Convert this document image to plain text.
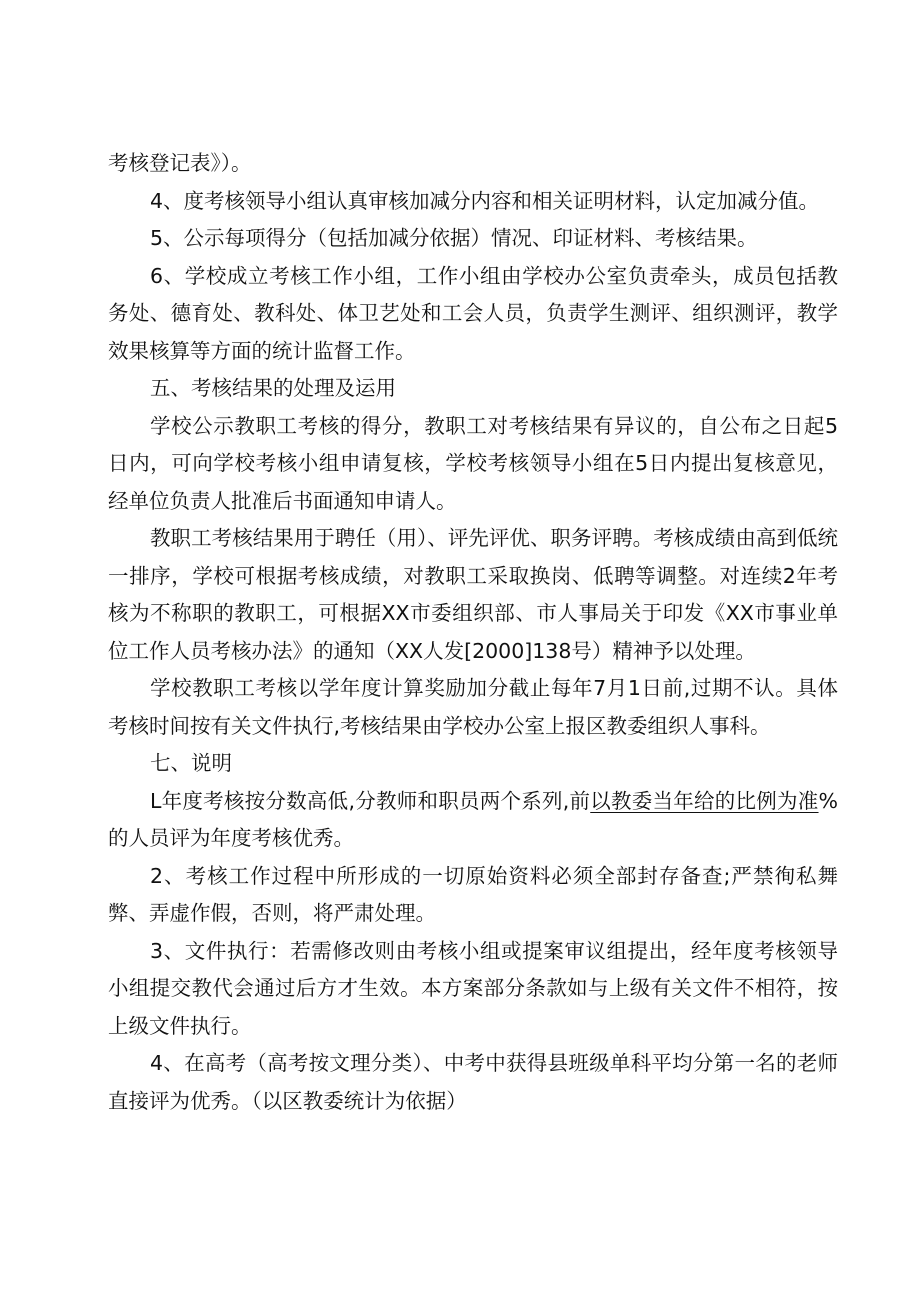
考核登记表》）。

4、度考核领导小组认真审核加减分内容和相关证明材料，认定加减分值。

5、公示每项得分（包括加减分依据）情况、印证材料、考核结果。

6、学校成立考核工作小组，工作小组由学校办公室负责牵头，成员包括教务处、德育处、教科处、体卫艺处和工会人员，负责学生测评、组织测评，教学效果核算等方面的统计监督工作。

五、考核结果的处理及运用

学校公示教职工考核的得分，教职工对考核结果有异议的，自公布之日起5日内，可向学校考核小组申请复核，学校考核领导小组在5日内提出复核意见，经单位负责人批准后书面通知申请人。

教职工考核结果用于聘任（用）、评先评优、职务评聘。考核成绩由高到低统一排序，学校可根据考核成绩，对教职工采取换岗、低聘等调整。对连续2年考核为不称职的教职工，可根据XX市委组织部、市人事局关于印发《XX市事业单位工作人员考核办法》的通知（XX人发[2000]138号）精神予以处理。

学校教职工考核以学年度计算奖励加分截止每年7月1日前,过期不认。具体考核时间按有关文件执行,考核结果由学校办公室上报区教委组织人事科。

七、说明

L年度考核按分数高低,分教师和职员两个系列,前以教委当年给的比例为准%的人员评为年度考核优秀。

2、考核工作过程中所形成的一切原始资料必须全部封存备查;严禁徇私舞弊、弄虚作假，否则，将严肃处理。

3、文件执行：若需修改则由考核小组或提案审议组提出，经年度考核领导小组提交教代会通过后方才生效。本方案部分条款如与上级有关文件不相符，按上级文件执行。

4、在高考（高考按文理分类）、中考中获得县班级单科平均分第一名的老师直接评为优秀。（以区教委统计为依据）
